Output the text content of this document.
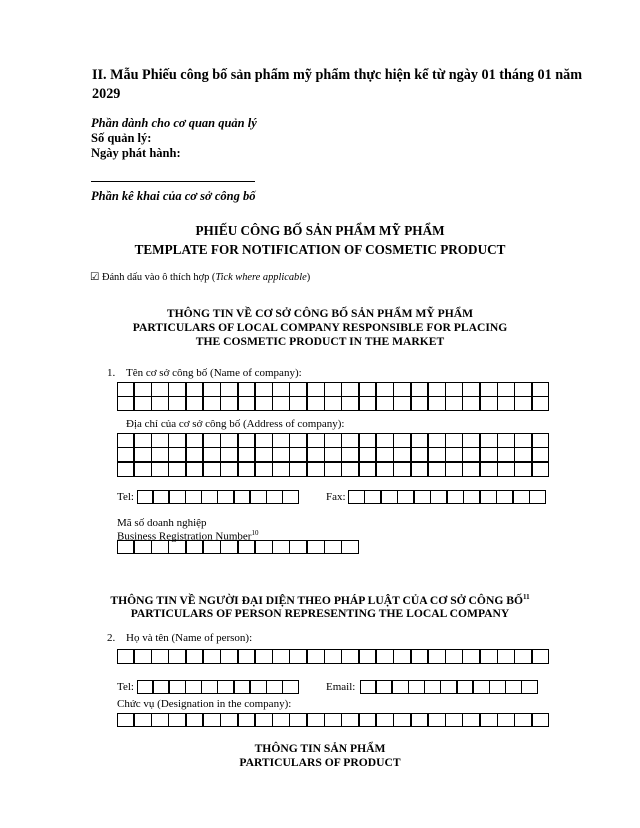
II. Mẫu Phiếu công bố sản phẩm mỹ phẩm thực hiện kể từ ngày 01 tháng 01 năm 2029
Phần dành cho cơ quan quản lý
Số quản lý:
Ngày phát hành:
Phần kê khai của cơ sở công bố
PHIẾU CÔNG BỐ SẢN PHẨM MỸ PHẨM
TEMPLATE FOR NOTIFICATION OF COSMETIC PRODUCT
☑ Đánh dấu vào ô thích hợp (Tick where applicable)
THÔNG TIN VỀ CƠ SỞ CÔNG BỐ SẢN PHẨM MỸ PHẨM
PARTICULARS OF LOCAL COMPANY RESPONSIBLE FOR PLACING
THE COSMETIC PRODUCT IN THE MARKET
1. Tên cơ sở công bố (Name of company):
Địa chỉ của cơ sở công bố (Address of company):
Tel:	Fax:
Mã số doanh nghiệp
Business Registration Number$^{10}$
THÔNG TIN VỀ NGƯỜI ĐẠI DIỆN THEO PHÁP LUẬT CỦA CƠ SỞ CÔNG BỐ$^{11}$
PARTICULARS OF PERSON REPRESENTING THE LOCAL COMPANY
2. Họ và tên (Name of person):
Tel:	Email:
Chức vụ (Designation in the company):
THÔNG TIN SẢN PHẨM
PARTICULARS OF PRODUCT
